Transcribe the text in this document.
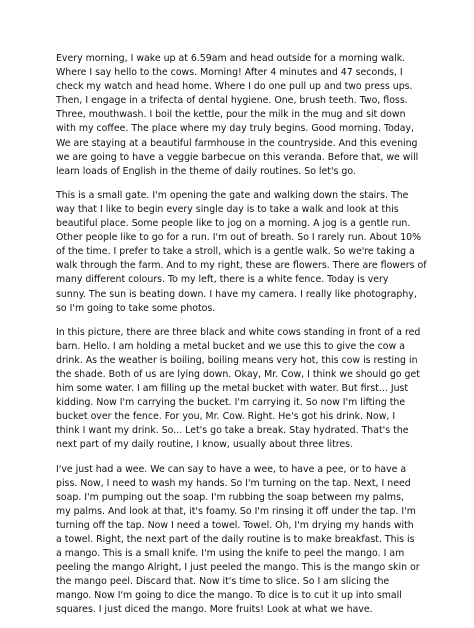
Every morning, I wake up at 6.59am and head outside for a morning walk.
Where I say hello to the cows. Morning! After 4 minutes and 47 seconds, I
check my watch and head home. Where I do one pull up and two press ups.
Then, I engage in a trifecta of dental hygiene. One, brush teeth. Two, floss.
Three, mouthwash. I boil the kettle, pour the milk in the mug and sit down
with my coffee. The place where my day truly begins. Good morning. Today,
We are staying at a beautiful farmhouse in the countryside. And this evening
we are going to have a veggie barbecue on this veranda. Before that, we will
learn loads of English in the theme of daily routines. So let's go.
This is a small gate. I'm opening the gate and walking down the stairs. The
way that I like to begin every single day is to take a walk and look at this
beautiful place. Some people like to jog on a morning. A jog is a gentle run.
Other people like to go for a run. I'm out of breath. So I rarely run. About 10%
of the time. I prefer to take a stroll, which is a gentle walk. So we're taking a
walk through the farm. And to my right, these are flowers. There are flowers of
many different colours. To my left, there is a white fence. Today is very
sunny. The sun is beating down. I have my camera. I really like photography,
so I'm going to take some photos.
In this picture, there are three black and white cows standing in front of a red
barn. Hello. I am holding a metal bucket and we use this to give the cow a
drink. As the weather is boiling, boiling means very hot, this cow is resting in
the shade. Both of us are lying down. Okay, Mr. Cow, I think we should go get
him some water. I am filling up the metal bucket with water. But first... Just
kidding. Now I'm carrying the bucket. I'm carrying it. So now I'm lifting the
bucket over the fence. For you, Mr. Cow. Right. He's got his drink. Now, I
think I want my drink. So... Let's go take a break. Stay hydrated. That's the
next part of my daily routine, I know, usually about three litres.
I've just had a wee. We can say to have a wee, to have a pee, or to have a
piss. Now, I need to wash my hands. So I'm turning on the tap. Next, I need
soap. I'm pumping out the soap. I'm rubbing the soap between my palms,
my palms. And look at that, it's foamy. So I'm rinsing it off under the tap. I'm
turning off the tap. Now I need a towel. Towel. Oh, I'm drying my hands with
a towel. Right, the next part of the daily routine is to make breakfast. This is
a mango. This is a small knife. I'm using the knife to peel the mango. I am
peeling the mango Alright, I just peeled the mango. This is the mango skin or
the mango peel. Discard that. Now it's time to slice. So I am slicing the
mango. Now I'm going to dice the mango. To dice is to cut it up into small
squares. I just diced the mango. More fruits! Look at what we have.
